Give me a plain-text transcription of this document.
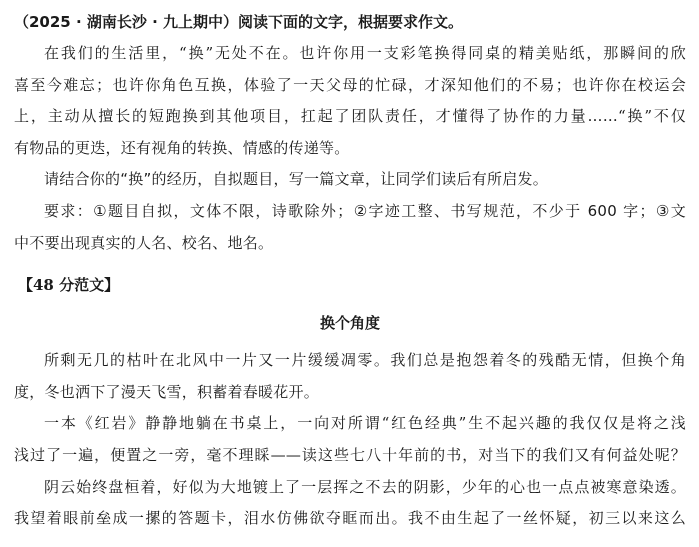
（2025 · 湖南长沙 · 九上期中）阅读下面的文字，根据要求作文。
在我们的生活里，“换”无处不在。也许你用一支彩笔换得同桌的精美贴纸，那瞬间的欣
喜至今难忘；也许你角色互换，体验了一天父母的忙碌，才深知他们的不易；也许你在校运会
上，主动从擅长的短跑换到其他项目，扛起了团队责任，才懂得了协作的力量……“换”不仅
有物品的更迭，还有视角的转换、情感的传递等。
请结合你的“换”的经历，自拟题目，写一篇文章，让同学们读后有所启发。
要求：①题目自拟，文体不限，诗歌除外；②字迹工整、书写规范，不少于 600 字；③文
中不要出现真实的人名、校名、地名。
【48 分范文】
换个角度
所剩无几的枯叶在北风中一片又一片缓缓凋零。我们总是抱怨着冬的残酷无情，但换个角
度，冬也洒下了漫天飞雪，积蓄着春暖花开。
一本《红岩》静静地躺在书桌上，一向对所谓“红色经典”生不起兴趣的我仅仅是将之浅
浅过了一遍，便置之一旁，毫不理睬——读这些七八十年前的书，对当下的我们又有何益处呢？
阴云始终盘桓着，好似为大地镀上了一层挥之不去的阴影，少年的心也一点点被寒意染透。
我望着眼前垒成一摞的答题卡，泪水仿佛欲夺眶而出。我不由生起了一丝怀疑，初三以来这么
